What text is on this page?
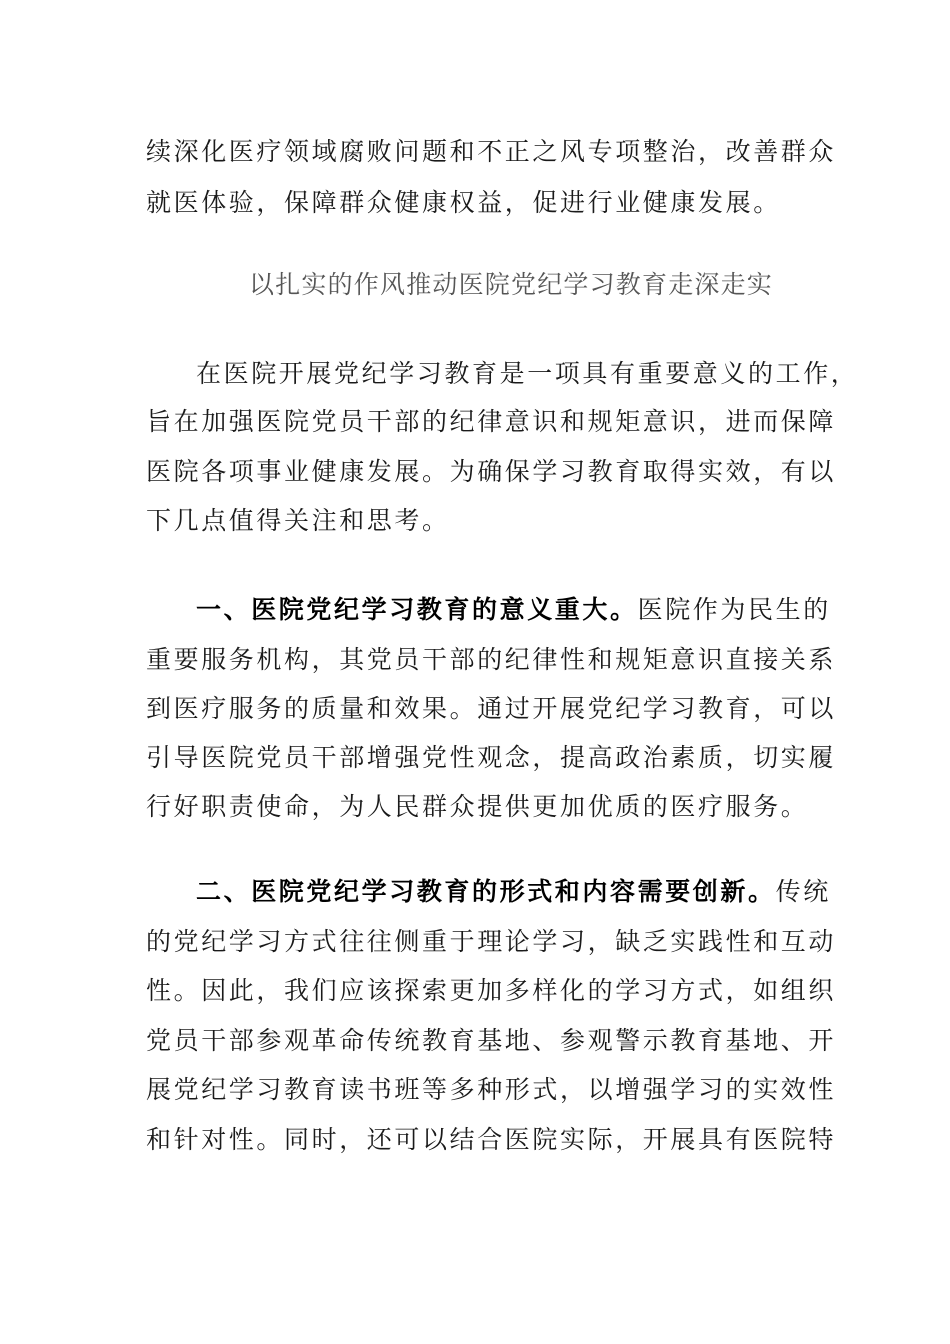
续深化医疗领域腐败问题和不正之风专项整治，改善群众
就医体验，保障群众健康权益，促进行业健康发展。
以扎实的作风推动医院党纪学习教育走深走实
在医院开展党纪学习教育是一项具有重要意义的工作，
旨在加强医院党员干部的纪律意识和规矩意识，进而保障
医院各项事业健康发展。为确保学习教育取得实效，有以
下几点值得关注和思考。
一、医院党纪学习教育的意义重大。医院作为民生的
重要服务机构，其党员干部的纪律性和规矩意识直接关系
到医疗服务的质量和效果。通过开展党纪学习教育，可以
引导医院党员干部增强党性观念，提高政治素质，切实履
行好职责使命，为人民群众提供更加优质的医疗服务。
二、医院党纪学习教育的形式和内容需要创新。传统
的党纪学习方式往往侧重于理论学习，缺乏实践性和互动
性。因此，我们应该探索更加多样化的学习方式，如组织
党员干部参观革命传统教育基地、参观警示教育基地、开
展党纪学习教育读书班等多种形式，以增强学习的实效性
和针对性。同时，还可以结合医院实际，开展具有医院特
